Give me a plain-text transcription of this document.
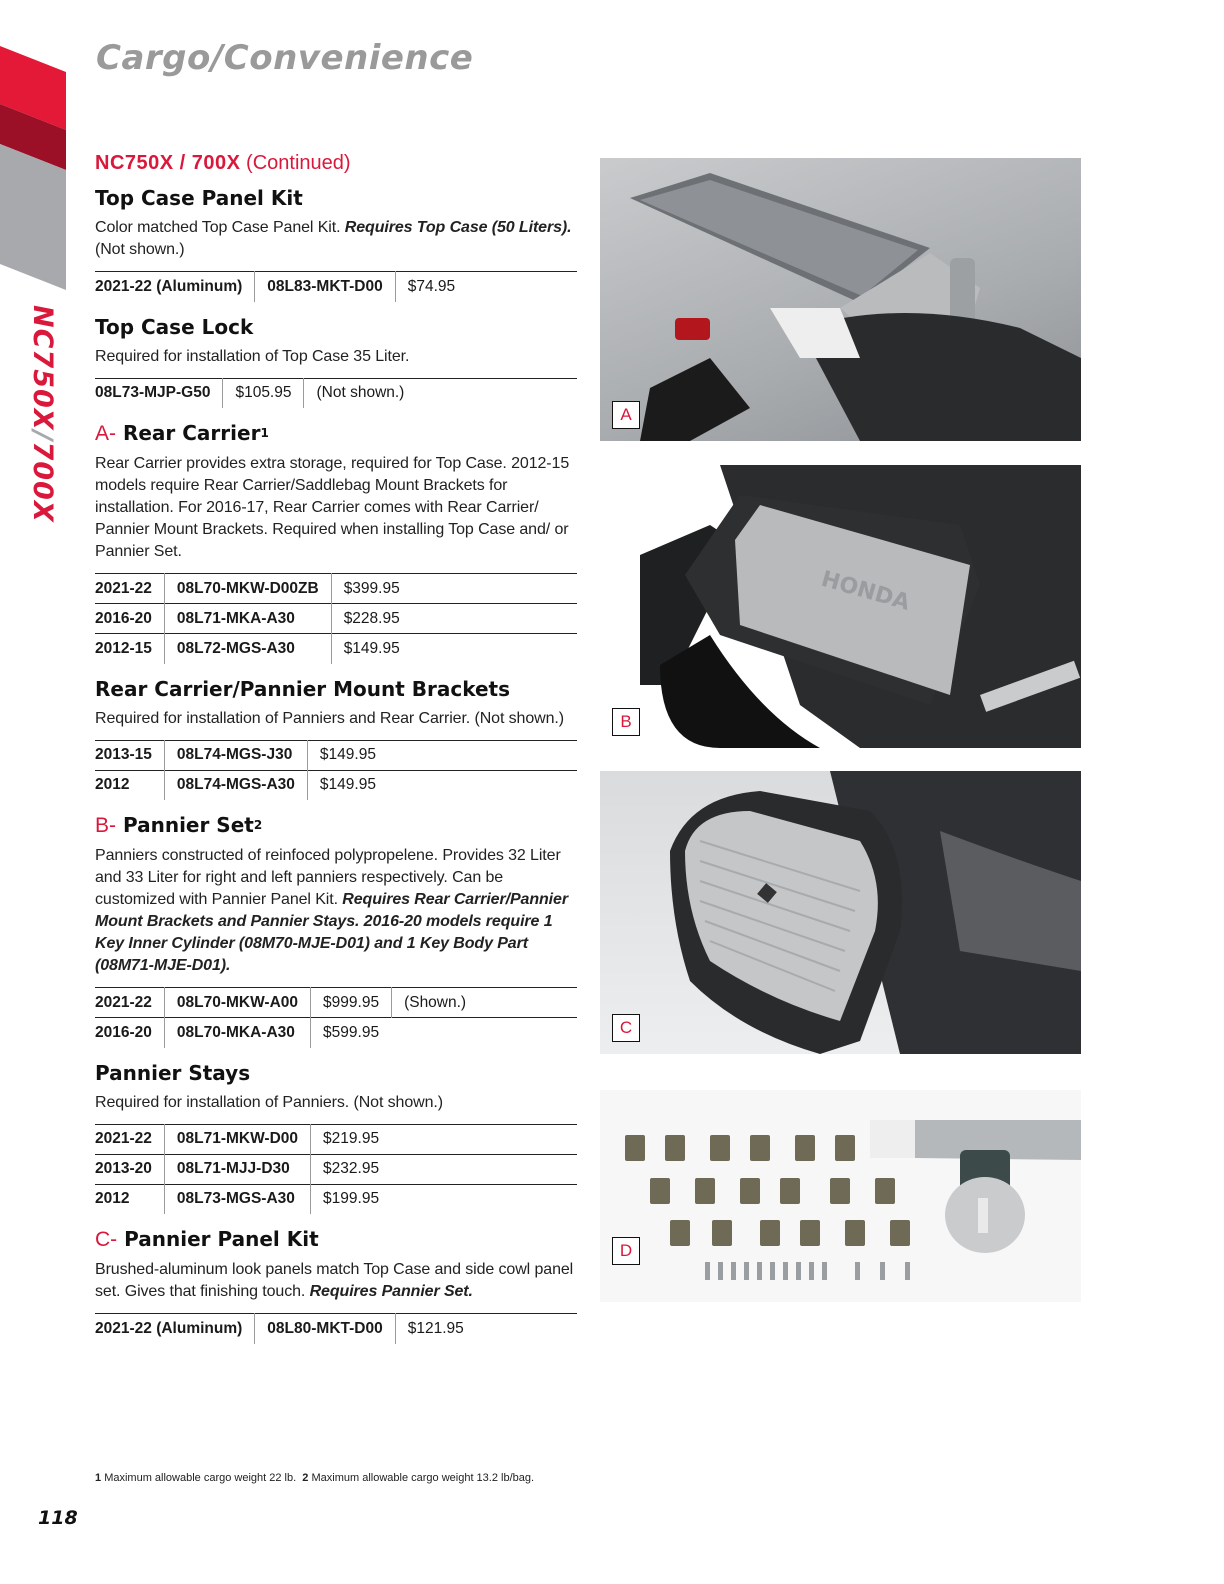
NC750X/700X
Cargo/Convenience
NC750X / 700X (Continued)
Top Case Panel Kit

Color matched Top Case Panel Kit. Requires Top Case (50 Liters).
(Not shown.)

2021-22 (Aluminum)	08L83-MKT-D00	$74.95
Top Case Lock

Required for installation of Top Case 35 Liter.

08L73-MJP-G50	$105.95	(Not shown.)
A- Rear Carrier$^1$

Rear Carrier provides extra storage, required for Top Case. 2012-15 models require Rear Carrier/Saddlebag Mount Brackets for installation. For 2016-17, Rear Carrier comes with Rear Carrier/ Pannier Mount Brackets. Required when installing Top Case and/ or Pannier Set.

2021-22	08L70-MKW-D00ZB	$399.95
2016-20	08L71-MKA-A30	$228.95
2012-15	08L72-MGS-A30	$149.95
Rear Carrier/Pannier Mount Brackets

Required for installation of Panniers and Rear Carrier. (Not shown.)

2013-15	08L74-MGS-J30	$149.95
2012	08L74-MGS-A30	$149.95
B- Pannier Set$^2$

Panniers constructed of reinfoced polypropelene. Provides 32 Liter and 33 Liter for right and left panniers respectively. Can be customized with Pannier Panel Kit. Requires Rear Carrier/Pannier Mount Brackets and Pannier Stays. 2016-20 models require 1 Key Inner Cylinder (08M70-MJE-D01) and 1 Key Body Part (08M71-MJE-D01).

2021-22	08L70-MKW-A00	$999.95	(Shown.)
2016-20	08L70-MKA-A30	$599.95	
Pannier Stays

Required for installation of Panniers. (Not shown.)

2021-22	08L71-MKW-D00	$219.95
2013-20	08L71-MJJ-D30	$232.95
2012	08L73-MGS-A30	$199.95
C- Pannier Panel Kit

Brushed-aluminum look panels match Top Case and side cowl panel set. Gives that finishing touch. Requires Pannier Set.

2021-22 (Aluminum)	08L80-MKT-D00	$121.95
A
HONDA
B
C
D
1 Maximum allowable cargo weight 22 lb. 2 Maximum allowable cargo weight 13.2 lb/bag.
118
